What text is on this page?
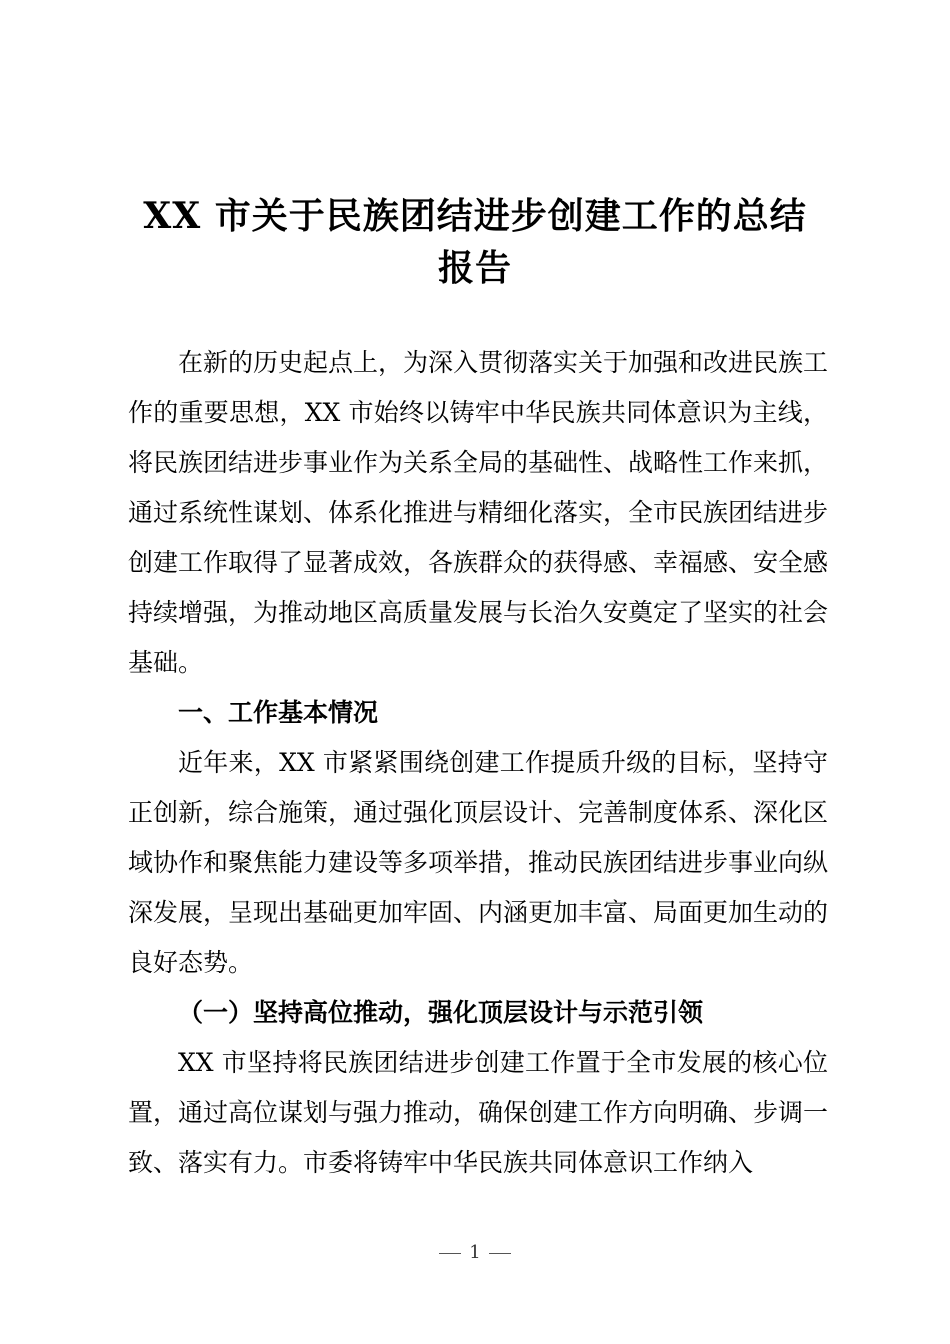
XX 市关于民族团结进步创建工作的总结
报告

在新的历史起点上，为深入贯彻落实关于加强和改进民族工作的重要思想，XX 市始终以铸牢中华民族共同体意识为主线，将民族团结进步事业作为关系全局的基础性、战略性工作来抓，通过系统性谋划、体系化推进与精细化落实，全市民族团结进步创建工作取得了显著成效，各族群众的获得感、幸福感、安全感持续增强，为推动地区高质量发展与长治久安奠定了坚实的社会基础。

一、工作基本情况

近年来，XX 市紧紧围绕创建工作提质升级的目标，坚持守正创新，综合施策，通过强化顶层设计、完善制度体系、深化区域协作和聚焦能力建设等多项举措，推动民族团结进步事业向纵深发展，呈现出基础更加牢固、内涵更加丰富、局面更加生动的良好态势。

（一）坚持高位推动，强化顶层设计与示范引领

XX 市坚持将民族团结进步创建工作置于全市发展的核心位置，通过高位谋划与强力推动，确保创建工作方向明确、步调一致、落实有力。市委将铸牢中华民族共同体意识工作纳入

1
